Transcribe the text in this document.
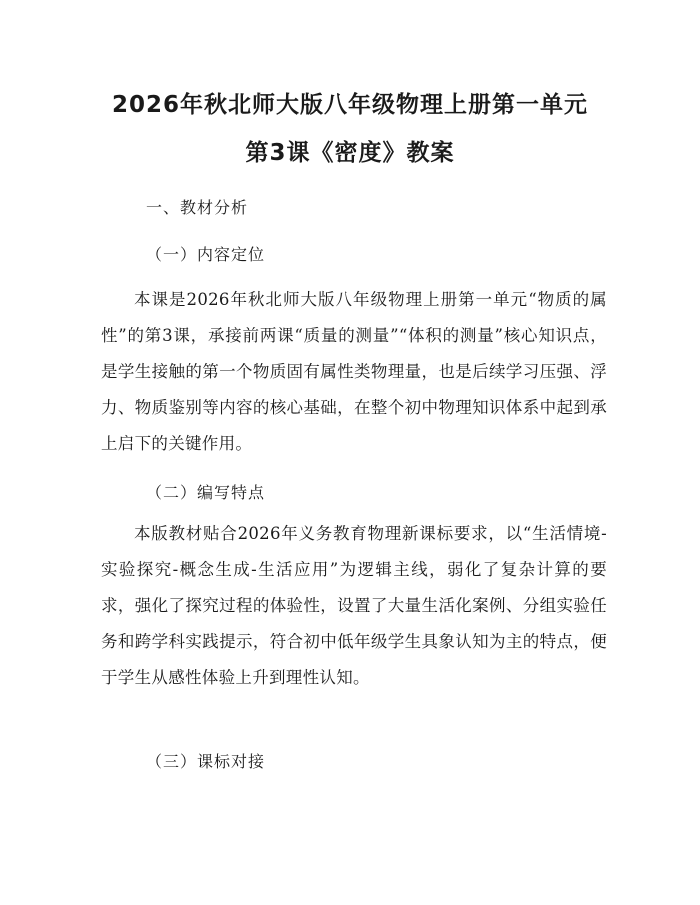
2026年秋北师大版八年级物理上册第一单元
第3课《密度》教案
一、教材分析
（一）内容定位
本课是2026年秋北师大版八年级物理上册第一单元“物质的属性”的第3课，承接前两课“质量的测量”“体积的测量”核心知识点，是学生接触的第一个物质固有属性类物理量，也是后续学习压强、浮力、物质鉴别等内容的核心基础，在整个初中物理知识体系中起到承上启下的关键作用。
（二）编写特点
本版教材贴合2026年义务教育物理新课标要求，以“生活情境-实验探究-概念生成-生活应用”为逻辑主线，弱化了复杂计算的要求，强化了探究过程的体验性，设置了大量生活化案例、分组实验任务和跨学科实践提示，符合初中低年级学生具象认知为主的特点，便于学生从感性体验上升到理性认知。
（三）课标对接
